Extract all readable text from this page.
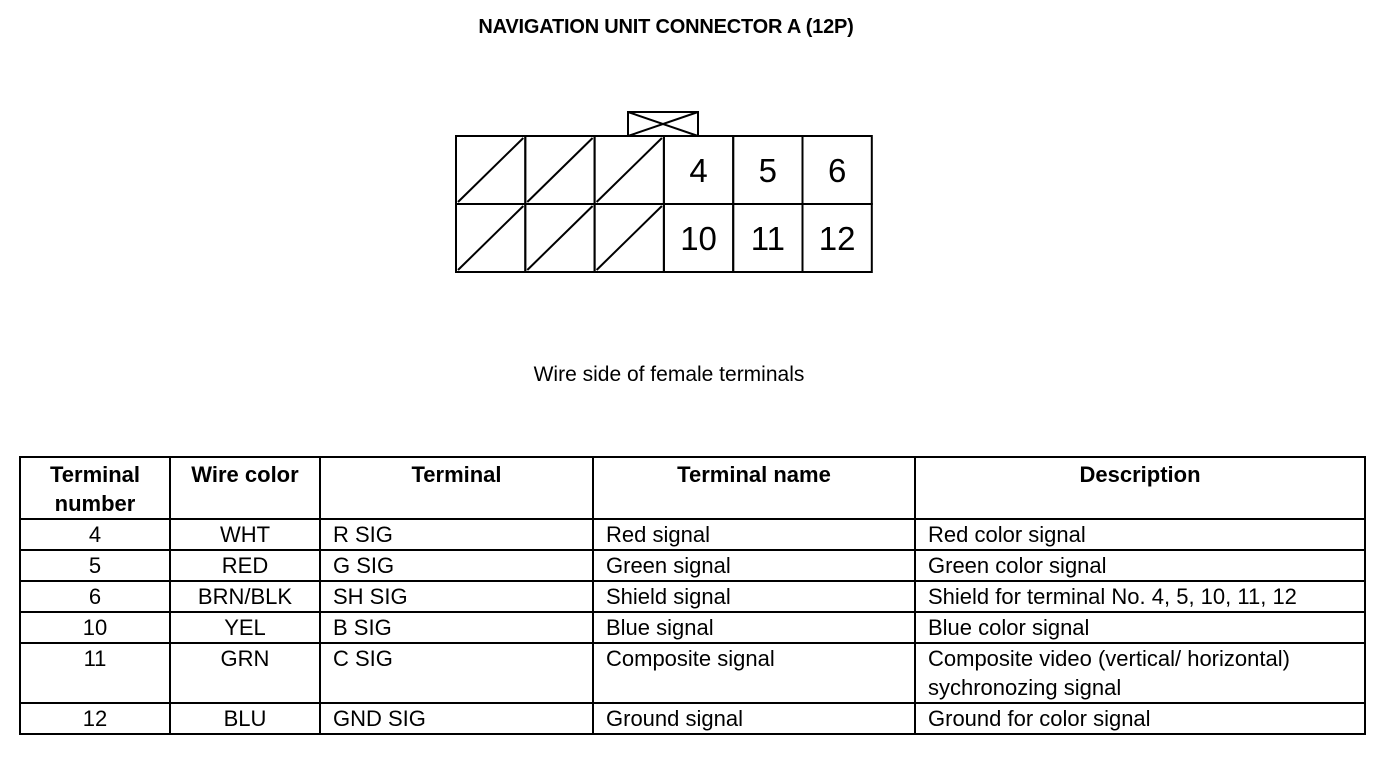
NAVIGATION UNIT CONNECTOR A (12P)
4 5 6
10 11 12
Wire side of female terminals
Terminal number	Wire color	Terminal	Terminal name	Description
4	WHT	R SIG	Red signal	Red color signal
5	RED	G SIG	Green signal	Green color signal
6	BRN/BLK	SH SIG	Shield signal	Shield for terminal No. 4, 5, 10, 11, 12
10	YEL	B SIG	Blue signal	Blue color signal
11	GRN	C SIG	Composite signal	Composite video (vertical/ horizontal) sychronozing signal
12	BLU	GND SIG	Ground signal	Ground for color signal
